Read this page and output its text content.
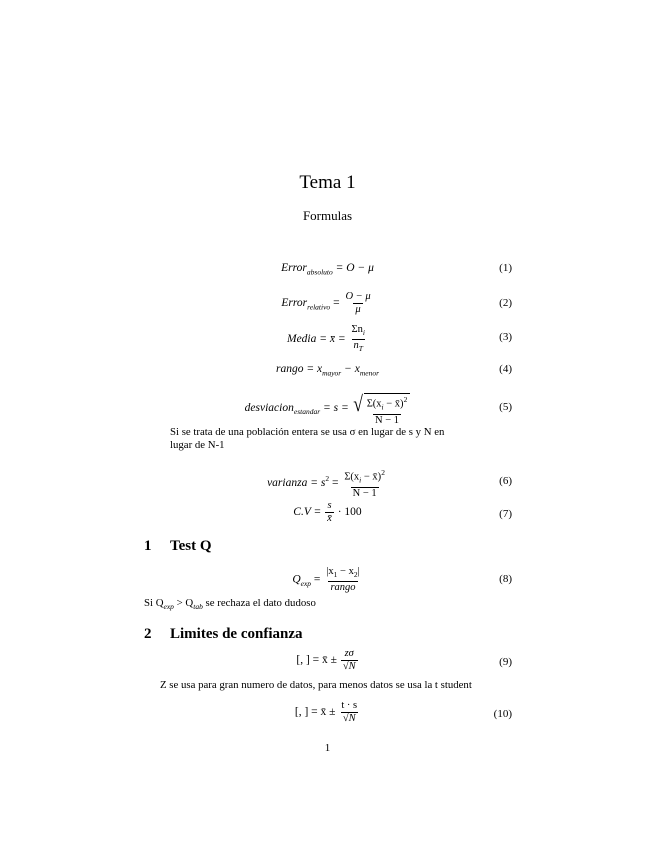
Tema 1
Formulas
Error$_{absoluto}$ = O − μ	(1)
Error$_{relativo}$ = $\frac{O - \mu}{\mu}$	(2)
Media = x̄ = $\frac{\Sigma n_i}{n_T}$	(3)
rango = $x_{mayor} - x_{menor}$	(4)
desviacion$_{estandar}$ = s = √ $\frac{\Sigma(x_i - x̄)^2}{N - 1}$	(5)
Si se trata de una población entera se usa σ en lugar de s y N en
lugar de N-1
varianza = $s^2 = \frac{\Sigma(x_i - x̄)^2}{N - 1}$	(6)
$C.V = \frac{s}{x̄} \cdot 100$	(7)
1 Test Q
$Q_{exp} = \frac{|x_1 - x_2|}{\text{rango}}$	(8)
Si $Q_{exp} > Q_{tab}$ se rechaza el dato dudoso
2 Limites de confianza
[, ] = x̄ ± $\frac{z\sigma}{√N}$	(9)
Z se usa para gran numero de datos, para menos datos se usa la t student
[, ] = x̄ ± $\frac{t \cdot s}{√N}$	(10)
1
